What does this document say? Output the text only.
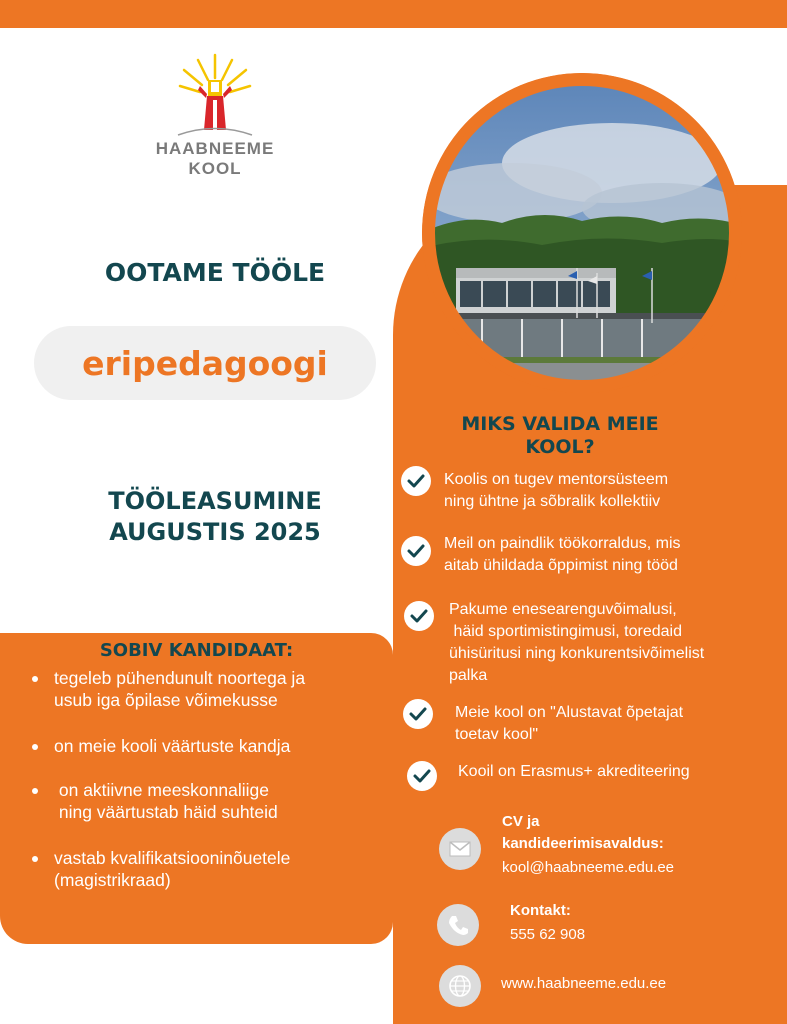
HAABNEEME
KOOL
OOTAME TÖÖLE
eripedagoogi
TÖÖLEASUMINE
AUGUSTIS 2025
MIKS VALIDA MEIE
KOOL?
Koolis on tugev mentorsüsteem
ning ühtne ja sõbralik kollektiiv
Meil on paindlik töökorraldus, mis
aitab ühildada õppimist ning tööd
Pakume enesearenguvõimalusi,
häid sportimistingimusi, toredaid
ühisüritusi ning konkurentsivõimelist
palka
Meie kool on "Alustavat õpetajat
toetav kool"
Kooil on Erasmus+ akrediteering
SOBIV KANDIDAAT:
tegeleb pühendunult noortega ja
usub iga õpilase võimekusse
on meie kooli väärtuste kandja
on aktiivne meeskonnaliige
ning väärtustab häid suhteid
vastab kvalifikatsiooninõuetele
(magistrikraad)
CV ja
kandideerimisavaldus:
kool@haabneeme.edu.ee
Kontakt:
555 62 908
www.haabneeme.edu.ee
